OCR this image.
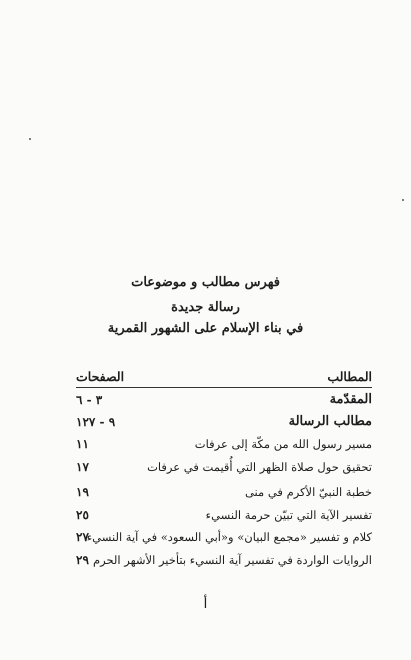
فهرس مطالب و موضوعات
رسالة جديدة
في بناء الإسلام على الشهور القمرية
المطالب
الصفحات
المقدّمة
٣ - ٦
مطالب الرسالة
٩ - ١٢٧
مسير رسول الله من مكّة إلى عرفات
١١
تحقيق حول صلاة الظهر التي أُقيمت في عرفات
١٧
خطبة النبيّ الأكرم في منى
١٩
تفسير الآية التي تبيّن حرمة النسيء
٢٥
كلام و تفسير «مجمع البيان» و«أبي السعود» في آية النسيء
٢٧
الروايات الواردة في تفسير آية النسيء بتأخير الأشهر الحرم
٢٩
أ
